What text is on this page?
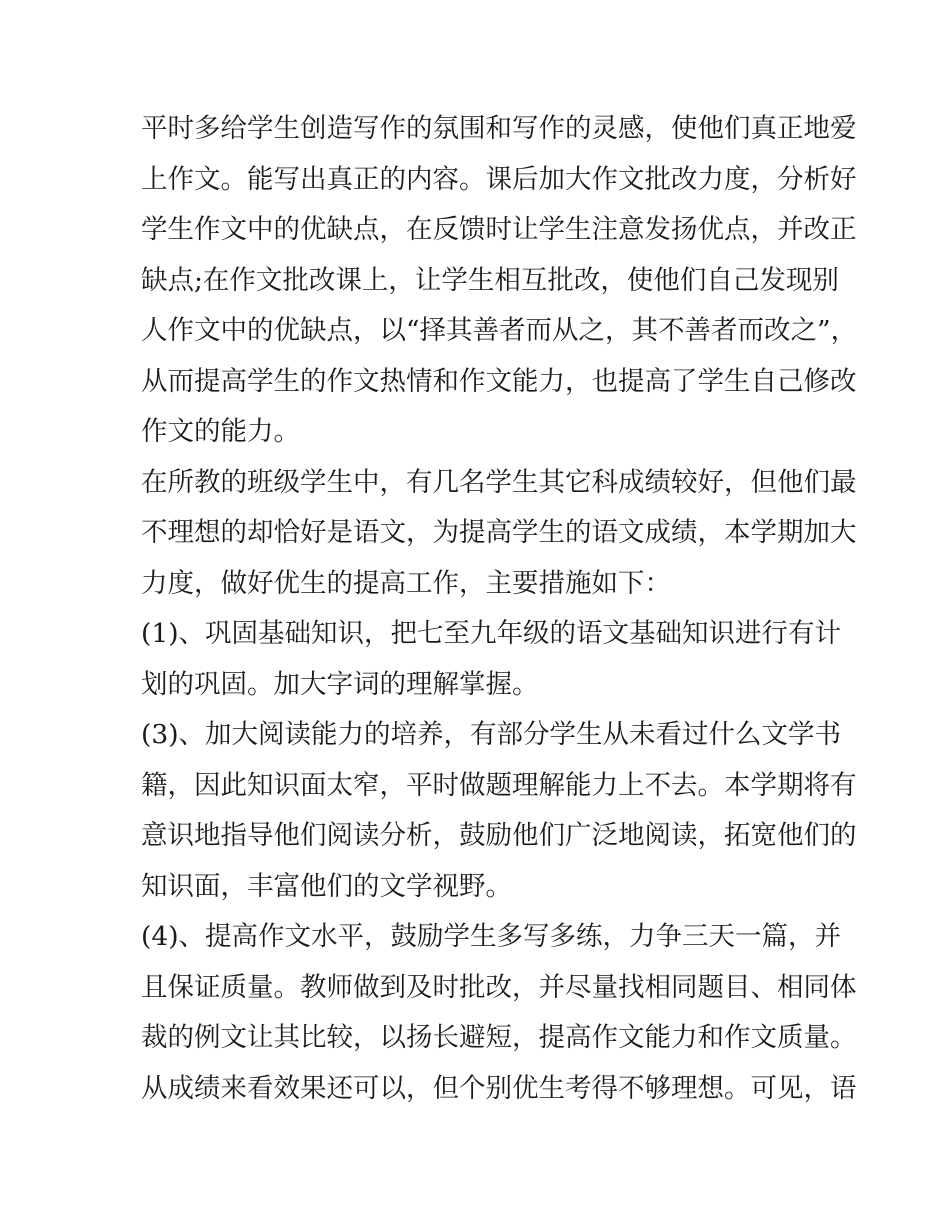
平时多给学生创造写作的氛围和写作的灵感，使他们真正地爱
上作文。能写出真正的内容。课后加大作文批改力度，分析好
学生作文中的优缺点，在反馈时让学生注意发扬优点，并改正
缺点;在作文批改课上，让学生相互批改，使他们自己发现别
人作文中的优缺点，以“择其善者而从之，其不善者而改之”，
从而提高学生的作文热情和作文能力，也提高了学生自己修改
作文的能力。
在所教的班级学生中，有几名学生其它科成绩较好，但他们最
不理想的却恰好是语文，为提高学生的语文成绩，本学期加大
力度，做好优生的提高工作，主要措施如下：
(1)、巩固基础知识，把七至九年级的语文基础知识进行有计
划的巩固。加大字词的理解掌握。
(3)、加大阅读能力的培养，有部分学生从未看过什么文学书
籍，因此知识面太窄，平时做题理解能力上不去。本学期将有
意识地指导他们阅读分析，鼓励他们广泛地阅读，拓宽他们的
知识面，丰富他们的文学视野。
(4)、提高作文水平，鼓励学生多写多练，力争三天一篇，并
且保证质量。教师做到及时批改，并尽量找相同题目、相同体
裁的例文让其比较，以扬长避短，提高作文能力和作文质量。
从成绩来看效果还可以，但个别优生考得不够理想。可见，语
